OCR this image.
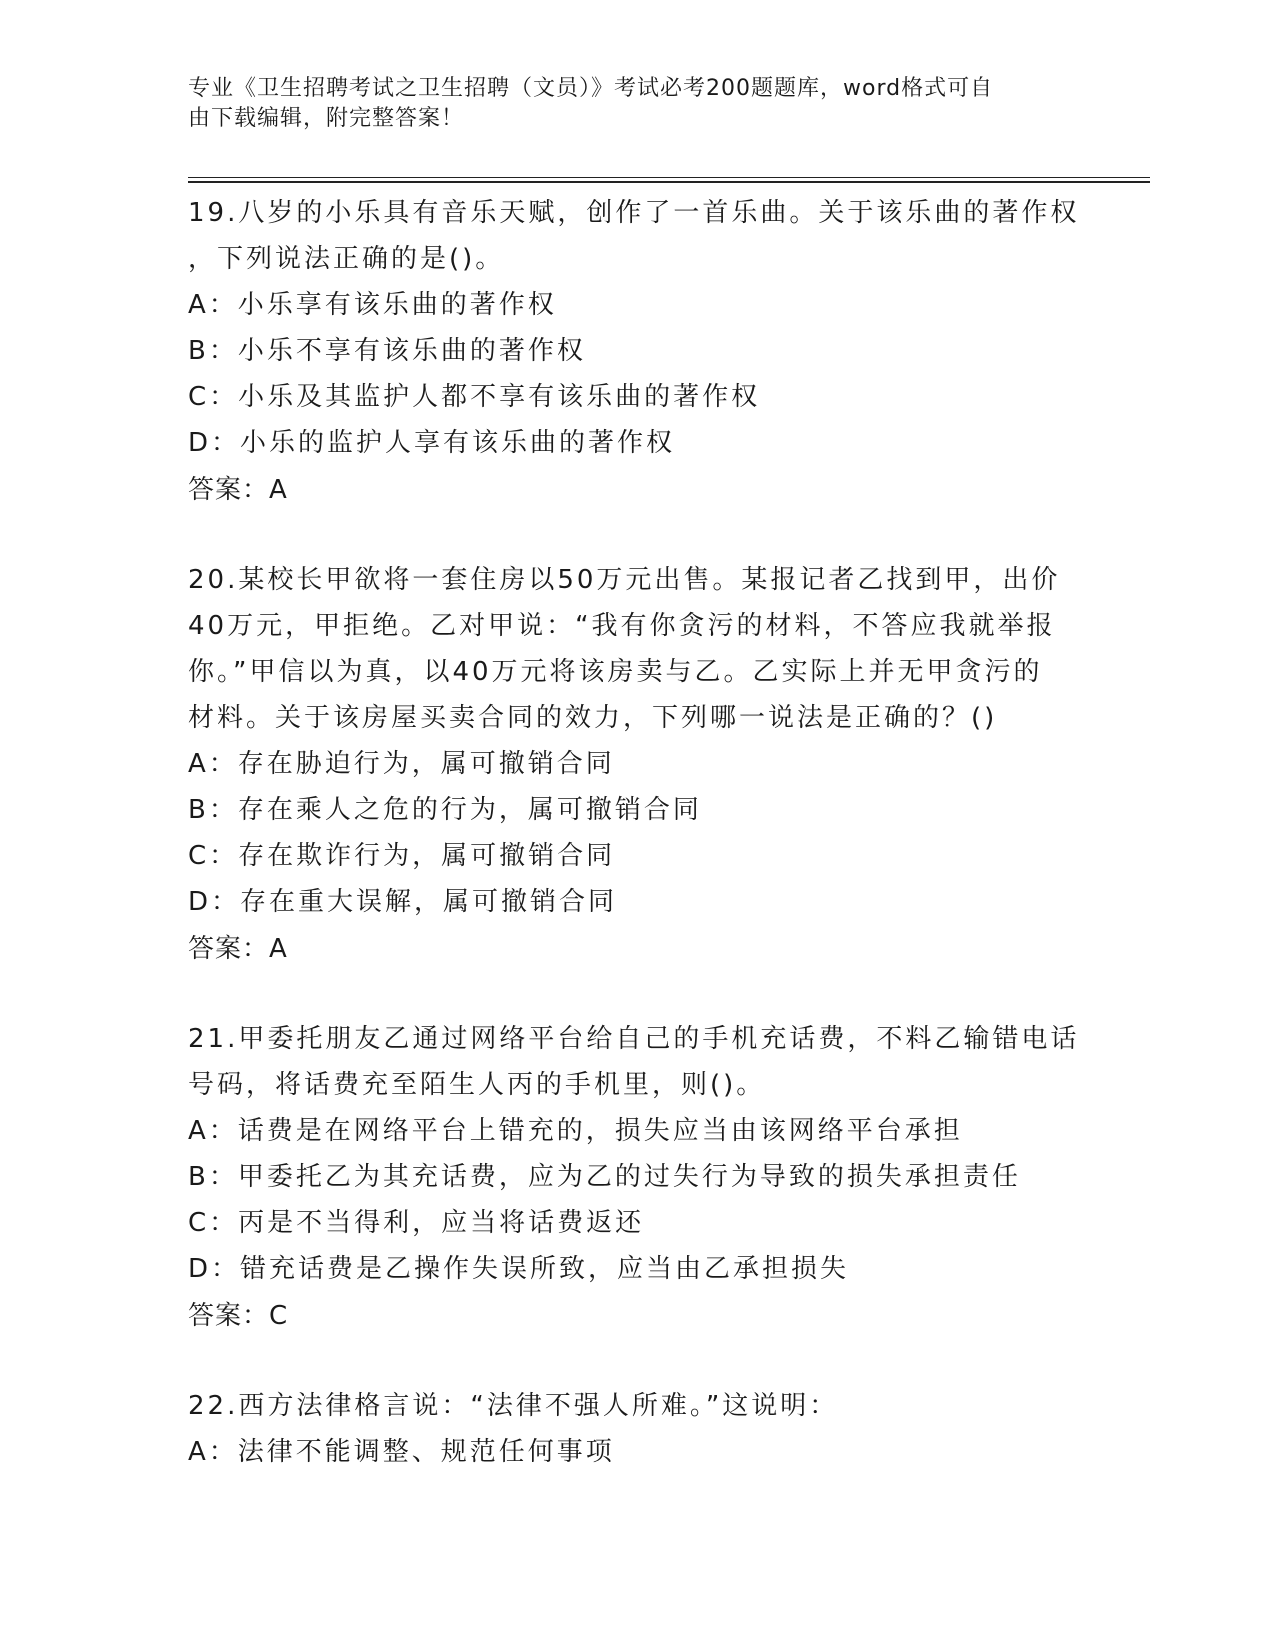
专业《卫生招聘考试之卫生招聘（文员）》考试必考200题题库，word格式可自
由下载编辑，附完整答案！

19.八岁的小乐具有音乐天赋，创作了一首乐曲。关于该乐曲的著作权

，下列说法正确的是()。

A：小乐享有该乐曲的著作权

B：小乐不享有该乐曲的著作权

C：小乐及其监护人都不享有该乐曲的著作权

D：小乐的监护人享有该乐曲的著作权

答案：A

20.某校长甲欲将一套住房以50万元出售。某报记者乙找到甲，出价

40万元，甲拒绝。乙对甲说：“我有你贪污的材料，不答应我就举报

你。”甲信以为真，以40万元将该房卖与乙。乙实际上并无甲贪污的

材料。关于该房屋买卖合同的效力，下列哪一说法是正确的？()

A：存在胁迫行为，属可撤销合同

B：存在乘人之危的行为，属可撤销合同

C：存在欺诈行为，属可撤销合同

D：存在重大误解，属可撤销合同

答案：A

21.甲委托朋友乙通过网络平台给自己的手机充话费，不料乙输错电话

号码，将话费充至陌生人丙的手机里，则()。

A：话费是在网络平台上错充的，损失应当由该网络平台承担

B：甲委托乙为其充话费，应为乙的过失行为导致的损失承担责任

C：丙是不当得利，应当将话费返还

D：错充话费是乙操作失误所致，应当由乙承担损失

答案：C

22.西方法律格言说：“法律不强人所难。”这说明：

A：法律不能调整、规范任何事项
